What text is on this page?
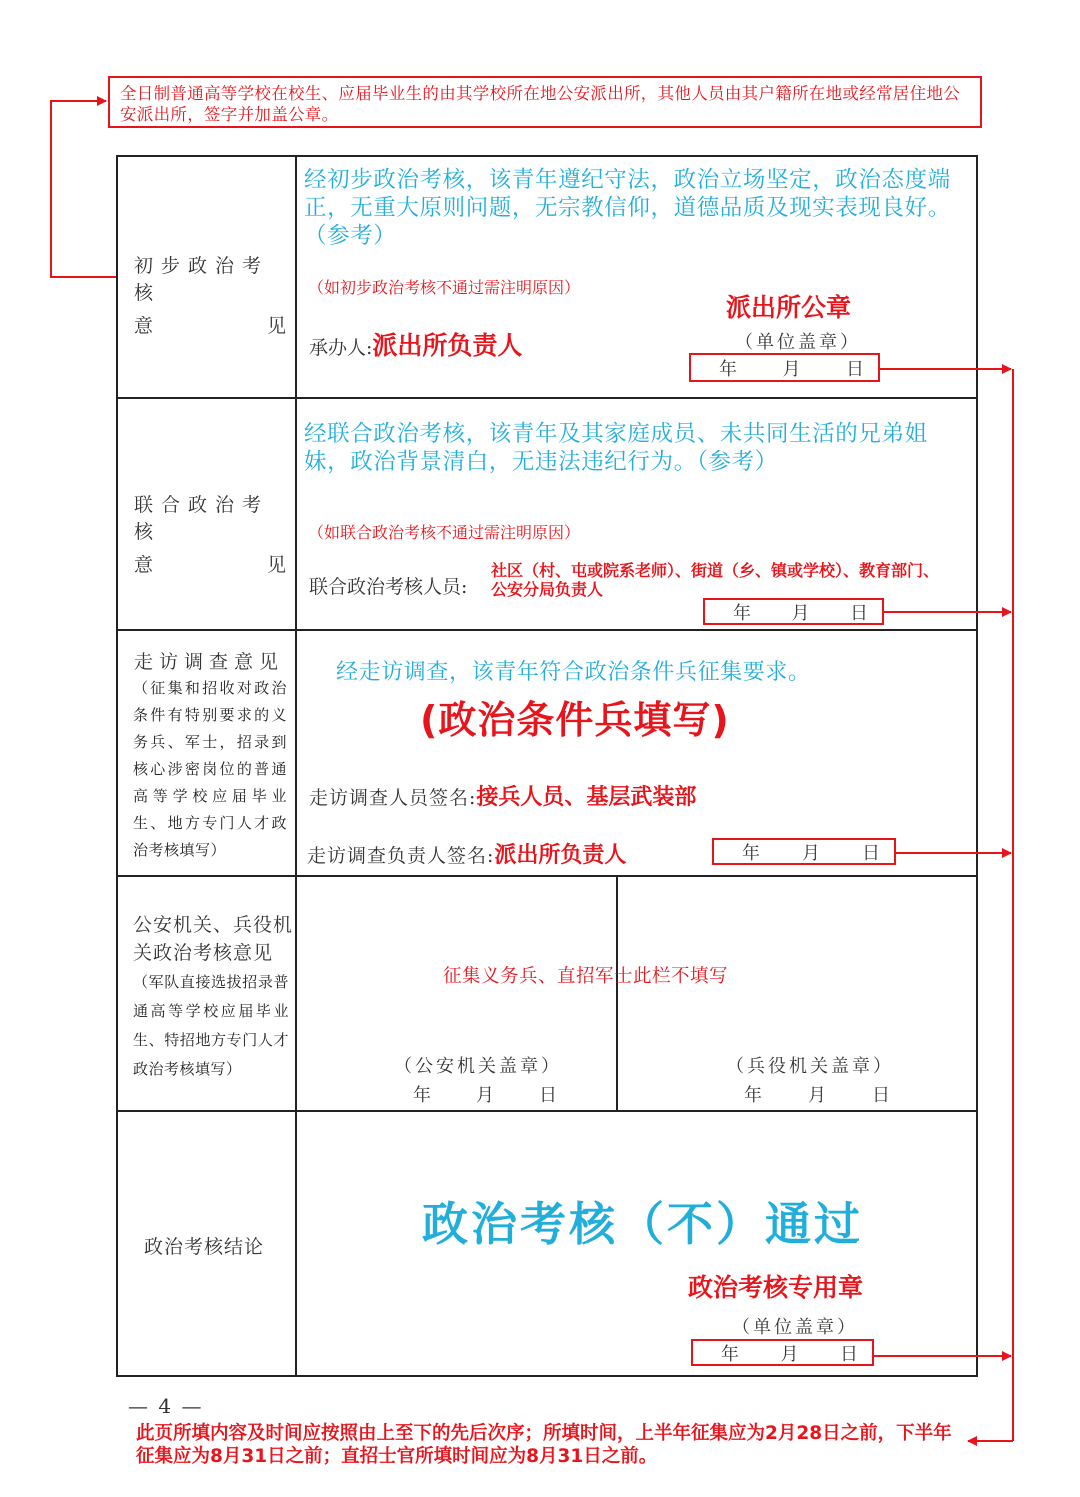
全日制普通高等学校在校生、应届毕业生的由其学校所在地公安派出所，其他人员由其户籍所在地或经常居住地公安派出所，签字并加盖公章。
初步政治考核
意	见
经初步政治考核，该青年遵纪守法，政治立场坚定，政治态度端正，无重大原则问题，无宗教信仰，道德品质及现实表现良好。（参考）
（如初步政治考核不通过需注明原因）
承办人: 派出所负责人
派出所公章
（单位盖章）
年	月	日
联合政治考核
意	见
经联合政治考核，该青年及其家庭成员、未共同生活的兄弟姐妹，政治背景清白，无违法违纪行为。（参考）
（如联合政治考核不通过需注明原因）
联合政治考核人员:
社区（村、屯或院系老师）、街道（乡、镇或学校）、教育部门、公安分局负责人
年 月 日
走访调查意见
（征集和招收对政治条件有特别要求的义务兵、军士，招录到核心涉密岗位的普通高等学校应届毕业生、地方专门人才政治考核填写）
经走访调查，该青年符合政治条件兵征集要求。
(政治条件兵填写)
走访调查人员签名: 接兵人员、基层武装部
走访调查负责人签名: 派出所负责人	年 月 日
公安机关、兵役机关政治考核意见
（军队直接选拔招录普通高等学校应届毕业生、特招地方专门人才政治考核填写）
征集义务兵、直招军士此栏不填写
（公安机关盖章）
年	月	日
（兵役机关盖章）
年	月	日
政治考核结论	政治考核（不）通过
政治考核专用章
（单位盖章）
年 月 日
— 4 —
此页所填内容及时间应按照由上至下的先后次序；所填时间，上半年征集应为2月28日之前，下半年征集应为8月31日之前；直招士官所填时间应为8月31日之前。
